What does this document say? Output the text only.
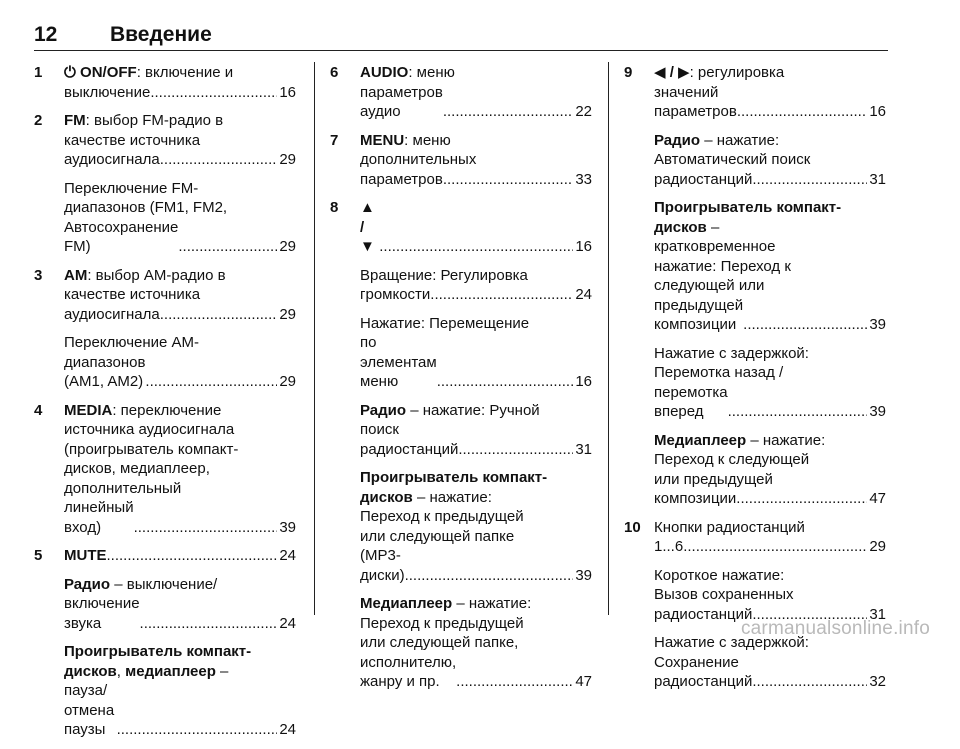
12	Введение
1 ⏻ ON/OFF: включение и
выключение .....	16
2 FM: выбор FM-радио в
качестве источника
аудиосигнала .....	29
Переключение FM-
диапазонов (FM1, FM2,
Автосохранение FM) .....	29
3 AM: выбор AM-радио в
качестве источника
аудиосигнала .....	29
Переключение AM-
диапазонов (AM1, AM2) .....	29
4 MEDIA: переключение
источника аудиосигнала
(проигрыватель компакт-
дисков, медиаплеер,
дополнительный
линейный вход) .....	39
5 MUTE .....	24
Радио – выключение/
включение звука .....	24
Проигрыватель компакт-
дисков, медиаплеер –
пауза/отмена паузы .....	24
6 AUDIO: меню
параметров аудио .....	22
7 MENU: меню
дополнительных
параметров .....	33
8 ▲ / ▼ .....	16
Вращение: Регулировка
громкости .....	24
Нажатие: Перемещение
по элементам меню .....	16
Радио – нажатие: Ручной
поиск радиостанций .....	31
Проигрыватель компакт-
дисков – нажатие:
Переход к предыдущей
или следующей папке
(MP3-диски) .....	39
Медиаплеер – нажатие:
Переход к предыдущей
или следующей папке,
исполнителю, жанру и пр. .....	47
9 ◀ / ▶: регулировка
значений параметров .....	16
Радио – нажатие:
Автоматический поиск
радиостанций .....	31
Проигрыватель компакт-
дисков –
кратковременное
нажатие: Переход к
следующей или
предыдущей композиции .....	39
Нажатие с задержкой:
Перемотка назад /
перемотка вперед .....	39
Медиаплеер – нажатие:
Переход к следующей
или предыдущей
композиции .....	47
10 Кнопки радиостанций
1...6 .....	29
Короткое нажатие:
Вызов сохраненных
радиостанций .....	31
Нажатие с задержкой:
Сохранение
радиостанций .....	32
carmanualsonline.info
